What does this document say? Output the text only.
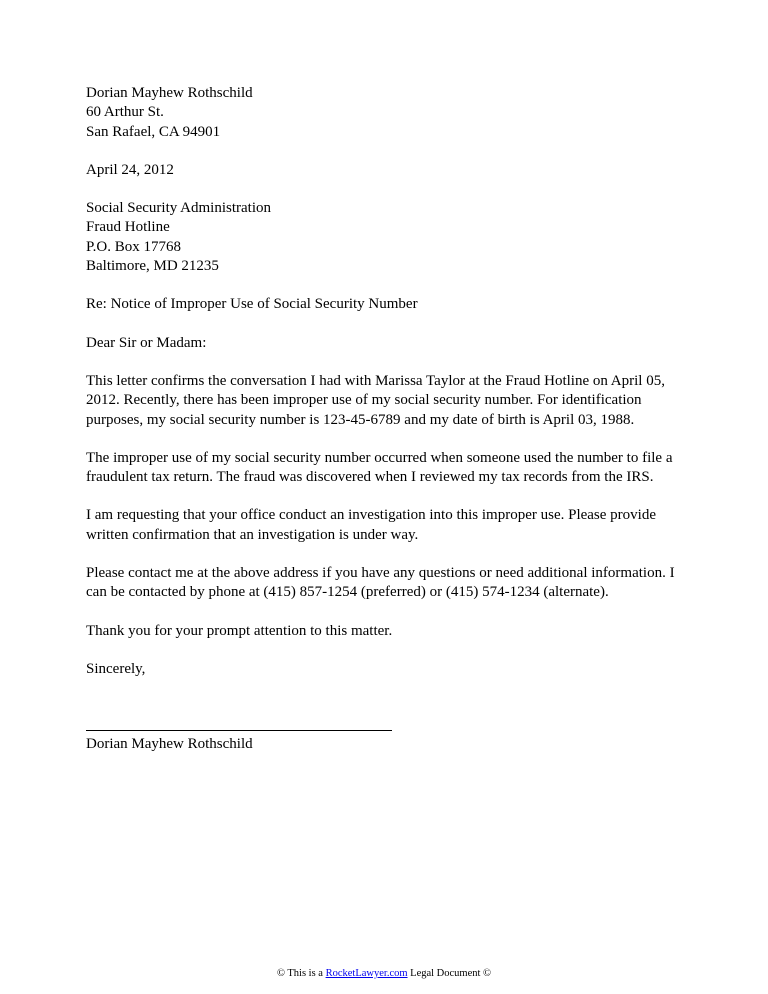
Dorian Mayhew Rothschild
60 Arthur St.
San Rafael, CA 94901
April 24, 2012
Social Security Administration
Fraud Hotline
P.O. Box 17768
Baltimore, MD 21235
Re: Notice of Improper Use of Social Security Number
Dear Sir or Madam:
This letter confirms the conversation I had with Marissa Taylor at the Fraud Hotline on April 05,
2012. Recently, there has been improper use of my social security number. For identification
purposes, my social security number is 123-45-6789 and my date of birth is April 03, 1988.
The improper use of my social security number occurred when someone used the number to file a
fraudulent tax return. The fraud was discovered when I reviewed my tax records from the IRS.
I am requesting that your office conduct an investigation into this improper use. Please provide
written confirmation that an investigation is under way.
Please contact me at the above address if you have any questions or need additional information. I
can be contacted by phone at (415) 857-1254 (preferred) or (415) 574-1234 (alternate).
Thank you for your prompt attention to this matter.
Sincerely,
Dorian Mayhew Rothschild
© This is a RocketLawyer.com Legal Document ©
